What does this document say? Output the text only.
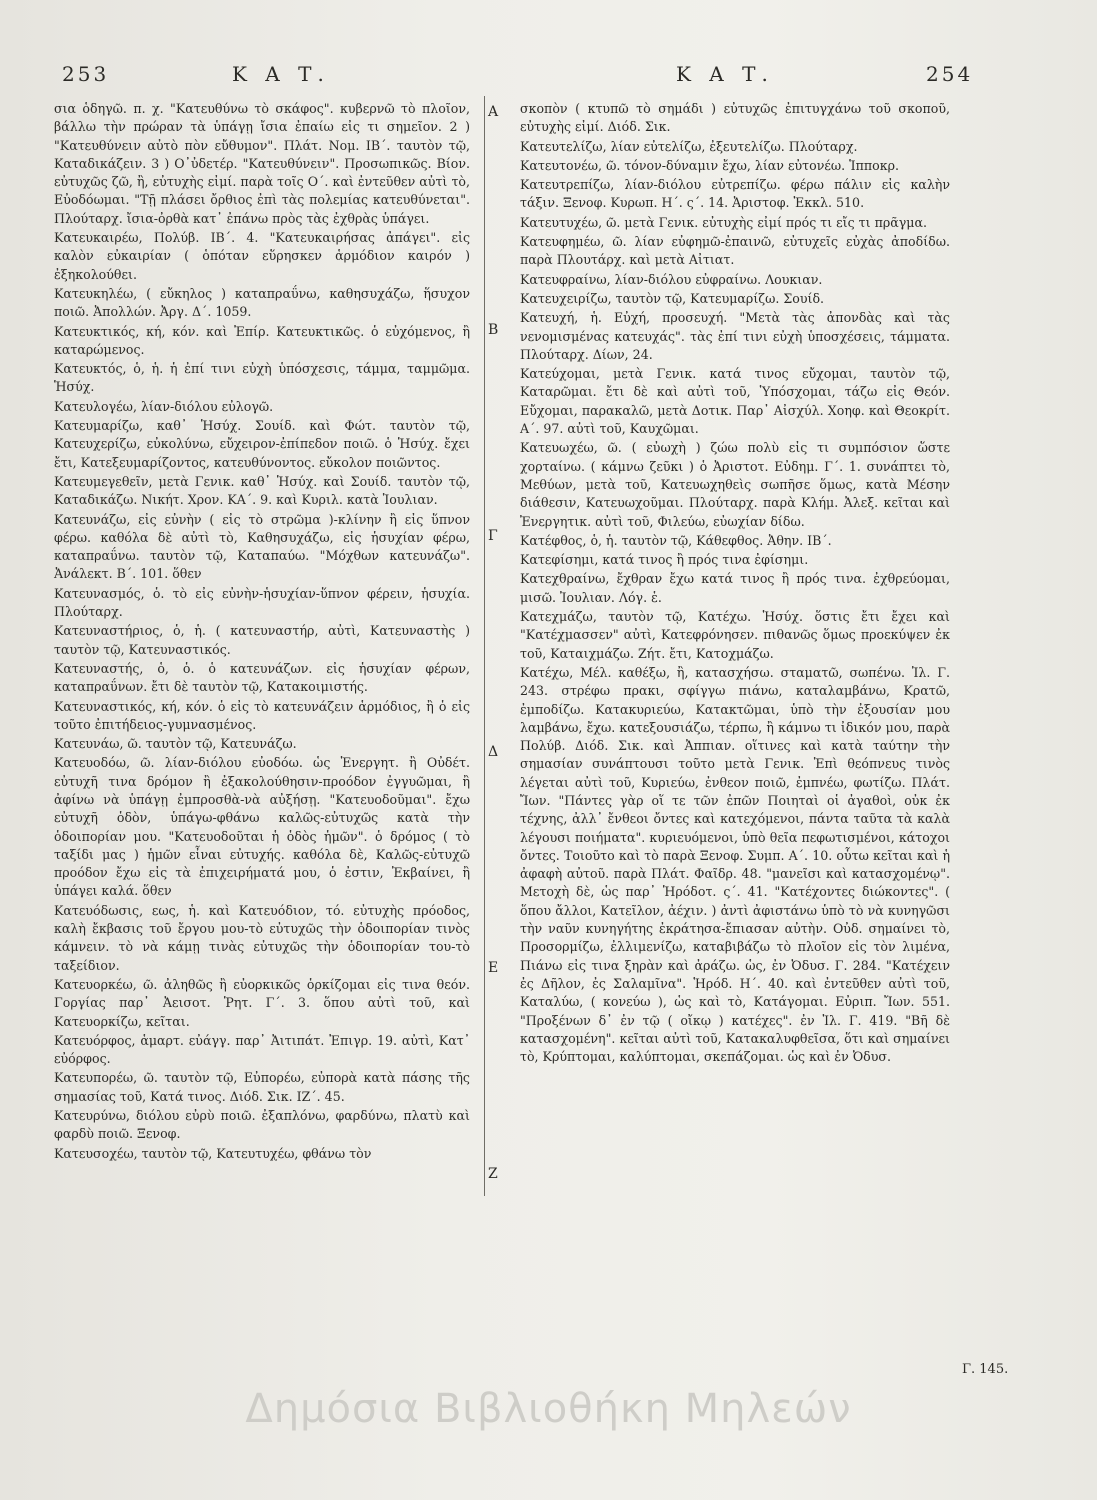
253	Κ Α Τ.	Κ Α Τ.	254

σια ὁδηγῶ. π. χ. "Κατευθύνω τὸ σκάφος". κυβερνῶ τὸ πλοῖον, βάλλω τὴν πρώραν τὰ ὑπάγῃ ἴσια ἐπαίω εἰς τι σημεῖον. 2 ) "Κατευθύνειν αὐτὸ πὸν εὔθυμον". Πλάτ. Νομ. ΙΒ΄. ταυτὸν τῷ, Καταδικάζειν. 3 ) Ο᾽ὐδετέρ. "Κατευθύνειν". Προσωπικῶς. Βίον. εὐτυχῶς ζῶ, ἢ, εὐτυχὴς εἰμί. παρὰ τοῖς Ο΄. καὶ ἐντεῦθεν αὐτὶ τὸ, Εὐοδόωμαι. "Τῇ πλάσει ὄρθιος ἐπὶ τὰς πολεμίας κατευθύνεται". Πλούταρχ. ἴσια-ὀρθὰ κατ᾽ ἐπάνω πρὸς τὰς ἐχθρὰς ὑπάγει.

Κατευκαιρέω, Πολύβ. ΙΒ΄. 4. "Κατευκαιρήσας ἀπάγει". εἰς καλὸν εὐκαιρίαν ( ὁπόταν εὕρησκεν ἁρμόδιον καιρόν ) ἐξηκολούθει.

Κατευκηλέω, ( εὔκηλος ) καταπραΰνω, καθησυχάζω, ἥσυχον ποιῶ. Ἀπολλών. Ἀργ. Δ΄. 1059.

Κατευκτικός, κή, κόν. καὶ Ἐπίρ. Κατευκτικῶς. ὁ εὐχόμενος, ἢ καταρώμενος.

Κατευκτός, ὁ, ἡ. ἡ ἐπί τινι εὐχὴ ὑπόσχεσις, τάμμα, ταμμῶμα. Ἡσύχ.

Κατευλογέω, λίαν-διόλου εὐλογῶ.

Κατευμαρίζω, καθ᾽ Ἡσύχ. Σουίδ. καὶ Φώτ. ταυτὸν τῷ, Κατευχερίζω, εὐκολύνω, εὔχειρον-ἐπίπεδον ποιῶ. ὁ Ἡσύχ. ἔχει ἔτι, Κατεξευμαρίζοντος, κατευθύνοντος. εὔκολον ποιῶντος.

Κατευμεγεθεῖν, μετὰ Γενικ. καθ᾽ Ἡσύχ. καὶ Σουίδ. ταυτὸν τῷ, Καταδικάζω. Νικήτ. Χρον. ΚΑ΄. 9. καὶ Κυριλ. κατὰ Ἰουλιαν.

Κατευνάζω, εἰς εὐνὴν ( εἰς τὸ στρῶμα )-κλίνην ἢ εἰς ὕπνον φέρω. καθόλα δὲ αὐτὶ τὸ, Καθησυχάζω, εἰς ἡσυχίαν φέρω, καταπραΰνω. ταυτὸν τῷ, Καταπαύω. "Μόχθων κατευνάζω". Ἀνάλεκτ. Β΄. 101. ὅθεν

Κατευνασμός, ὁ. τὸ εἰς εὐνὴν-ἡσυχίαν-ὕπνον φέρειν, ἡσυχία. Πλούταρχ.

Κατευναστήριος, ὁ, ἡ. ( κατευναστήρ, αὐτὶ, Κατευναστὴς ) ταυτὸν τῷ, Κατευναστικός.

Κατευναστής, ὁ, ὁ. ὁ κατευνάζων. εἰς ἡσυχίαν φέρων, καταπραΰνων. ἔτι δὲ ταυτὸν τῷ, Κατακοιμιστής.

Κατευναστικός, κή, κόν. ὁ εἰς τὸ κατευνάζειν ἁρμόδιος, ἢ ὁ εἰς τοῦτο ἐπιτήδειος-γυμνασμένος.

Κατευνάω, ῶ. ταυτὸν τῷ, Κατευνάζω.

Κατευοδόω, ῶ. λίαν-διόλου εὐοδόω. ὡς Ἐνεργητ. ἢ Οὐδέτ. εὐτυχῆ τινα δρόμον ἢ ἐξακολούθησιν-προόδον ἐγγυῶμαι, ἢ ἀφίνω νὰ ὑπάγῃ ἐμπροσθὰ-νὰ αὐξήσῃ. "Κατευοδοῦμαι". ἔχω εὐτυχῆ ὁδὸν, ὑπάγω-φθάνω καλῶς-εὐτυχῶς κατὰ τὴν ὁδοιπορίαν μου. "Κατευοδοῦται ἡ ὁδὸς ἡμῶν". ὁ δρόμος ( τὸ ταξίδι μας ) ἡμῶν εἶναι εὐτυχής. καθόλα δὲ, Καλῶς-εὐτυχῶ προόδον ἔχω εἰς τὰ ἐπιχειρήματά μου, ὁ ἐστιν, Ἐκβαίνει, ἢ ὑπάγει καλά. ὅθεν

Κατευόδωσις, εως, ἡ. καὶ Κατευόδιον, τό. εὐτυχὴς πρόοδος, καλὴ ἔκβασις τοῦ ἔργου μου-τὸ εὐτυχῶς τὴν ὁδοιπορίαν τινὸς κάμνειν. τὸ νὰ κάμῃ τινὰς εὐτυχῶς τὴν ὁδοιπορίαν του-τὸ ταξείδιον.

Κατευορκέω, ῶ. ἀληθῶς ἢ εὐορκικῶς ὁρκίζομαι εἰς τινα θεόν. Γοργίας παρ᾽ Ἀεισοτ. Ῥητ. Γ΄. 3. ὅπου αὐτὶ τοῦ, καὶ Κατευορκίζω, κεῖται.

Κατευόρφος, ἁμαρτ. εὐάγγ. παρ᾽ Ἀιτιπάτ. Ἐπιγρ. 19. αὐτὶ, Κατ᾽ εὐόρφος.

Κατευπορέω, ῶ. ταυτὸν τῷ, Εὐπορέω, εὐπορὰ κατὰ πάσης τῆς σημασίας τοῦ, Κατά τινος. Διόδ. Σικ. ΙΖ΄. 45.

Κατευρύνω, διόλου εὐρὺ ποιῶ. ἐξαπλόνω, φαρδύνω, πλατὺ καὶ φαρδὺ ποιῶ. Ξενοφ.

Κατευσοχέω, ταυτὸν τῷ, Κατευτυχέω, φθάνω τὸν

σκοπὸν ( κτυπῶ τὸ σημάδι ) εὐτυχῶς ἐπιτυγχάνω τοῦ σκοποῦ, εὐτυχὴς εἰμί. Διόδ. Σικ.

Κατευτελίζω, λίαν εὐτελίζω, ἐξευτελίζω. Πλούταρχ.

Κατευτονέω, ῶ. τόνον-δύναμιν ἔχω, λίαν εὐτονέω. Ἱπποκρ.

Κατευτρεπίζω, λίαν-διόλου εὐτρεπίζω. φέρω πάλιν εἰς καλὴν τάξιν. Ξενοφ. Κυρωπ. Η΄. ς΄. 14. Ἀριστοφ. Ἐκκλ. 510.

Κατευτυχέω, ῶ. μετὰ Γενικ. εὐτυχὴς εἰμί πρός τι εἴς τι πρᾶγμα.

Κατευφημέω, ῶ. λίαν εὐφημῶ-ἐπαινῶ, εὐτυχεῖς εὐχὰς ἀποδίδω. παρὰ Πλουτάρχ. καὶ μετὰ Αἰτιατ.

Κατευφραίνω, λίαν-διόλου εὐφραίνω. Λουκιαν.

Κατευχειρίζω, ταυτὸν τῷ, Κατευμαρίζω. Σουίδ.

Κατευχή, ἡ. Εὐχή, προσευχή. "Μετὰ τὰς ἀπονδὰς καὶ τὰς νενομισμένας κατευχάς". τὰς ἐπί τινι εὐχὴ ὑποσχέσεις, τάμματα. Πλούταρχ. Δίων, 24.

Κατεύχομαι, μετὰ Γενικ. κατά τινος εὔχομαι, ταυτὸν τῷ, Καταρῶμαι. ἔτι δὲ καὶ αὐτὶ τοῦ, Ὑπόσχομαι, τάζω εἰς Θεόν. Εὔχομαι, παρακαλῶ, μετὰ Δοτικ. Παρ᾽ Αἰσχύλ. Χοηφ. καὶ Θεοκρίτ. Α΄. 97. αὐτὶ τοῦ, Καυχῶμαι.

Κατευωχέω, ῶ. ( εὐωχὴ ) ζώω πολὺ εἰς τι συμπόσιον ὥστε χορταίνω. ( κάμνω ζεῦκι ) ὁ Ἀριστοτ. Εὐδημ. Γ΄. 1. συνάπτει τὸ, Μεθύων, μετὰ τοῦ, Κατευωχηθεὶς σωπῆσε ὅμως, κατὰ Μέσην διάθεσιν, Κατευωχοῦμαι. Πλούταρχ. παρὰ Κλήμ. Ἀλεξ. κεῖται καὶ Ἐνεργητικ. αὐτὶ τοῦ, Φιλεύω, εὐωχίαν δίδω.

Κατέφθος, ὁ, ἡ. ταυτὸν τῷ, Κάθεφθος. Ἀθην. ΙΒ΄.

Κατεφίσημι, κατά τινος ἢ πρός τινα ἐφίσημι.

Κατεχθραίνω, ἔχθραν ἔχω κατά τινος ἢ πρός τινα. ἐχθρεύομαι, μισῶ. Ἰουλιαν. Λόγ. ἑ.

Κατεχμάζω, ταυτὸν τῷ, Κατέχω. Ἡσύχ. ὅστις ἔτι ἔχει καὶ "Κατέχμασσεν" αὐτὶ, Κατεφρόνησεν. πιθανῶς ὅμως προεκύψεν ἐκ τοῦ, Καταιχμάζω. Ζήτ. ἔτι, Κατοχμάζω.

Κατέχω, Μέλ. καθέξω, ἢ, κατασχήσω. σταματῶ, σωπένω. Ἰλ. Γ. 243. στρέφω πρακι, σφίγγω πιάνω, καταλαμβάνω, Κρατῶ, ἐμποδίζω. Κατακυριεύω, Κατακτῶμαι, ὑπὸ τὴν ἐξουσίαν μου λαμβάνω, ἔχω. κατεξουσιάζω, τέρπω, ἢ κάμνω τι ἰδικόν μου, παρὰ Πολύβ. Διόδ. Σικ. καὶ Ἀππιαν. οἵτινες καὶ κατὰ ταύτην τὴν σημασίαν συνάπτουσι τοῦτο μετὰ Γενικ. Ἐπὶ θεόπνευς τινὸς λέγεται αὐτὶ τοῦ, Κυριεύω, ἐνθεον ποιῶ, ἐμπνέω, φωτίζω. Πλάτ. Ἴων. "Πάντες γὰρ οἵ τε τῶν ἐπῶν Ποιηταὶ οἱ ἀγαθοὶ, οὐκ ἐκ τέχνης, ἀλλ᾽ ἔνθεοι ὄντες καὶ κατεχόμενοι, πάντα ταῦτα τὰ καλὰ λέγουσι ποιήματα". κυριευόμενοι, ὑπὸ θεῖα πεφωτισμένοι, κάτοχοι ὄντες. Τοιοῦτο καὶ τὸ παρὰ Ξενοφ. Συμπ. Α΄. 10. οὗτω κεῖται καὶ ἡ ἀφαφὴ αὐτοῦ. παρὰ Πλάτ. Φαῖδρ. 48. "μανεῖσι καὶ κατασχομένῳ". Μετοχὴ δὲ, ὡς παρ᾽ Ἡρόδοτ. ς΄. 41. "Κατέχοντες διώκοντες". ( ὅπου ἄλλοι, Κατεῖλον, ἀέχιν. ) ἀντὶ ἀφιστάνω ὑπὸ τὸ νὰ κυνηγῶσι τὴν ναῦν κυνηγήτης ἐκράτησα-ἔπιασαν αὐτὴν. Οὐδ. σημαίνει τὸ, Προσορμίζω, ἐλλιμενίζω, καταβιβάζω τὸ πλοῖον εἰς τὸν λιμένα, Πιάνω εἰς τινα ξηρὰν καὶ ἀράζω. ὡς, ἐν Ὀδυσ. Γ. 284. "Κατέχειν ἐς Δῆλον, ἐς Σαλαμῖνα". Ἡρόδ. Η΄. 40. καὶ ἐντεῦθεν αὐτὶ τοῦ, Καταλύω, ( κονεύω ), ὡς καὶ τὸ, Κατάγομαι. Εὐριπ. Ἴων. 551. "Προξένων δ᾽ ἐν τῷ ( οἴκῳ ) κατέχες". ἐν Ἰλ. Γ. 419. "Βῆ δὲ κατασχομένη". κεῖται αὐτὶ τοῦ, Κατακαλυφθεῖσα, ὅτι καὶ σημαίνει τὸ, Κρύπτομαι, καλύπτομαι, σκεπάζομαι. ὡς καὶ ἐν Ὀδυσ.

Α
Β
Γ
Δ
Ε
Ζ
Γ. 145.
Δημόσια Βιβλιοθήκη Μηλεών
